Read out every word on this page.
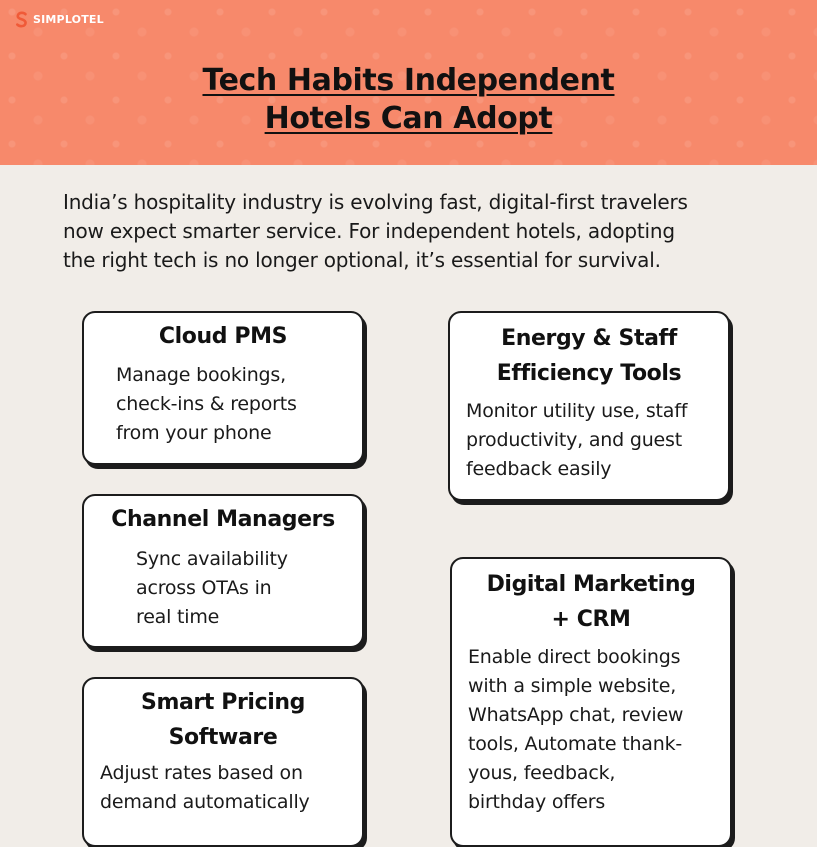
SIMPLOTEL
Tech Habits Independent
Hotels Can Adopt

India’s hospitality industry is evolving fast, digital-first travelers
now expect smarter service. For independent hotels, adopting
the right tech is no longer optional, it’s essential for survival.

Cloud PMS

Manage bookings,
check-ins & reports
from your phone

Channel Managers

Sync availability
across OTAs in
real time

Smart Pricing
Software

Adjust rates based on
demand automatically

Energy & Staff
Efficiency Tools

Monitor utility use, staff
productivity, and guest
feedback easily

Digital Marketing
+ CRM

Enable direct bookings
with a simple website,
WhatsApp chat, review
tools, Automate thank-
yous, feedback,
birthday offers
